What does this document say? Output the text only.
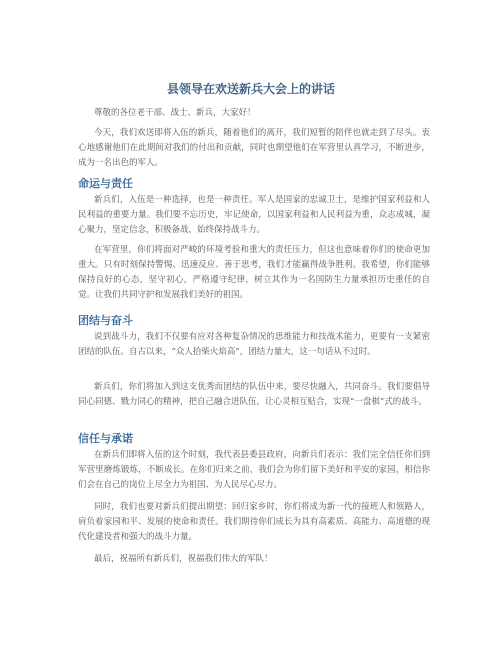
县领导在欢送新兵大会上的讲话

尊敬的各位老干部、战士、新兵，大家好！

今天，我们欢送即将入伍的新兵，随着他们的离开，我们短暂的陪伴也就走到了尽头。衷心地感谢他们在此期间对我们的付出和贡献，同时也期望他们在军营里认真学习，不断进步，成为一名出色的军人。

命运与责任

新兵们，入伍是一种选择，也是一种责任。军人是国家的忠诚卫士，是维护国家利益和人民利益的重要力量。我们要不忘历史，牢记使命，以国家利益和人民利益为重，众志成城，凝心聚力，坚定信念，积极备战，始终保持战斗力。

在军营里，你们将面对严峻的环境考验和重大的责任压力，但这也意味着你们的使命更加重大。只有时刻保持警惕、迅速反应、善于思考，我们才能赢得战争胜利。我希望，你们能够保持良好的心态，坚守初心，严格遵守纪律，树立其作为一名国防生力量承担历史重任的自觉。让我们共同守护和发展我们美好的祖国。

团结与奋斗

说到战斗力，我们不仅要有应对各种复杂情况的思维能力和技战术能力，更要有一支紧密团结的队伍。自古以来，“众人拾柴火焰高”，团结力量大，这一句话从不过时。

新兵们，你们将加入到这支优秀而团结的队伍中来，要尽快融入，共同奋斗。我们要倡导同心同德、戮力同心的精神，把自己融合进队伍，让心灵相互贴合，实现“一盘棋”式的战斗。

信任与承诺

在新兵们即将入伍的这个时刻，我代表县委县政府，向新兵们表示：我们完全信任你们到军营里磨炼锻炼，不断成长。在你们归来之前，我们会为你们留下美好和平安的家园，相信你们会在自己的岗位上尽全力为祖国、为人民尽心尽力。

同时，我们也要对新兵们提出期望：回归家乡时，你们将成为新一代的接班人和领路人，肩负着家园和平、发展的使命和责任。我们期待你们成长为具有高素质、高能力、高道德的现代化建设者和强大的战斗力量。

最后，祝福所有新兵们，祝福我们伟大的军队！
